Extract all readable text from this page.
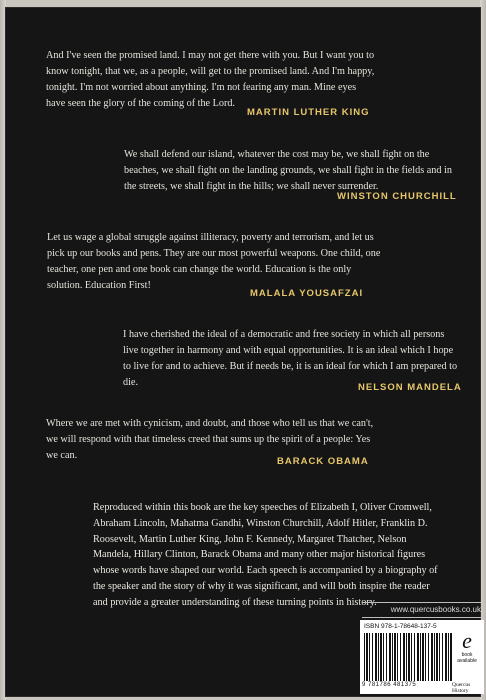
And I've seen the promised land. I may not get there with you. But I want you to know tonight, that we, as a people, will get to the promised land. And I'm happy, tonight. I'm not worried about anything. I'm not fearing any man. Mine eyes have seen the glory of the coming of the Lord.

MARTIN LUTHER KING

We shall defend our island, whatever the cost may be, we shall fight on the beaches, we shall fight on the landing grounds, we shall fight in the fields and in the streets, we shall fight in the hills; we shall never surrender.

WINSTON CHURCHILL

Let us wage a global struggle against illiteracy, poverty and terrorism, and let us pick up our books and pens. They are our most powerful weapons. One child, one teacher, one pen and one book can change the world. Education is the only solution. Education First!

MALALA YOUSAFZAI

I have cherished the ideal of a democratic and free society in which all persons live together in harmony and with equal opportunities. It is an ideal which I hope to live for and to achieve. But if needs be, it is an ideal for which I am prepared to die.	NELSON MANDELA

Where we are met with cynicism, and doubt, and those who tell us that we can't, we will respond with that timeless creed that sums up the spirit of a people: Yes we can.

BARACK OBAMA
Reproduced within this book are the key speeches of Elizabeth I, Oliver Cromwell, Abraham Lincoln, Mahatma Gandhi, Winston Churchill, Adolf Hitler, Franklin D. Roosevelt, Martin Luther King, John F. Kennedy, Margaret Thatcher, Nelson Mandela, Hillary Clinton, Barack Obama and many other major historical figures whose words have shaped our world. Each speech is accompanied by a biography of the speaker and the story of why it was significant, and will both inspire the reader and provide a greater understanding of these turning points in history.
www.quercusbooks.co.uk
ISBN 978-1-78648-137-5
9 781786 481375
e
book available
Quercus History
